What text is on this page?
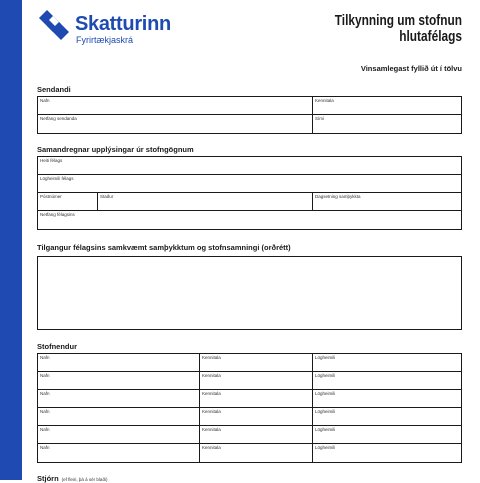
Skatturinn
Fyrirtækjaskrá
Tilkynning um stofnun
hlutafélags
Vinsamlegast fyllið út í tölvu
Sendandi
Nafn	Kennitala
Netfang sendanda	Sími
Samandregnar upplýsingar úr stofngögnum
Heiti félags
Lögheimili félags
Póstnúmer	Staður	Dagsetning samþykkta
Netfang félagsins
Tilgangur félagsins samkvæmt samþykktum og stofnsamningi (orðrétt)
Stofnendur
Nafn	Kennitala	Lögheimili
Nafn	Kennitala	Lögheimili
Nafn	Kennitala	Lögheimili
Nafn	Kennitala	Lögheimili
Nafn	Kennitala	Lögheimili
Nafn	Kennitala	Lögheimili
Stjórn (ef fleiri, þá á sér blaði)
